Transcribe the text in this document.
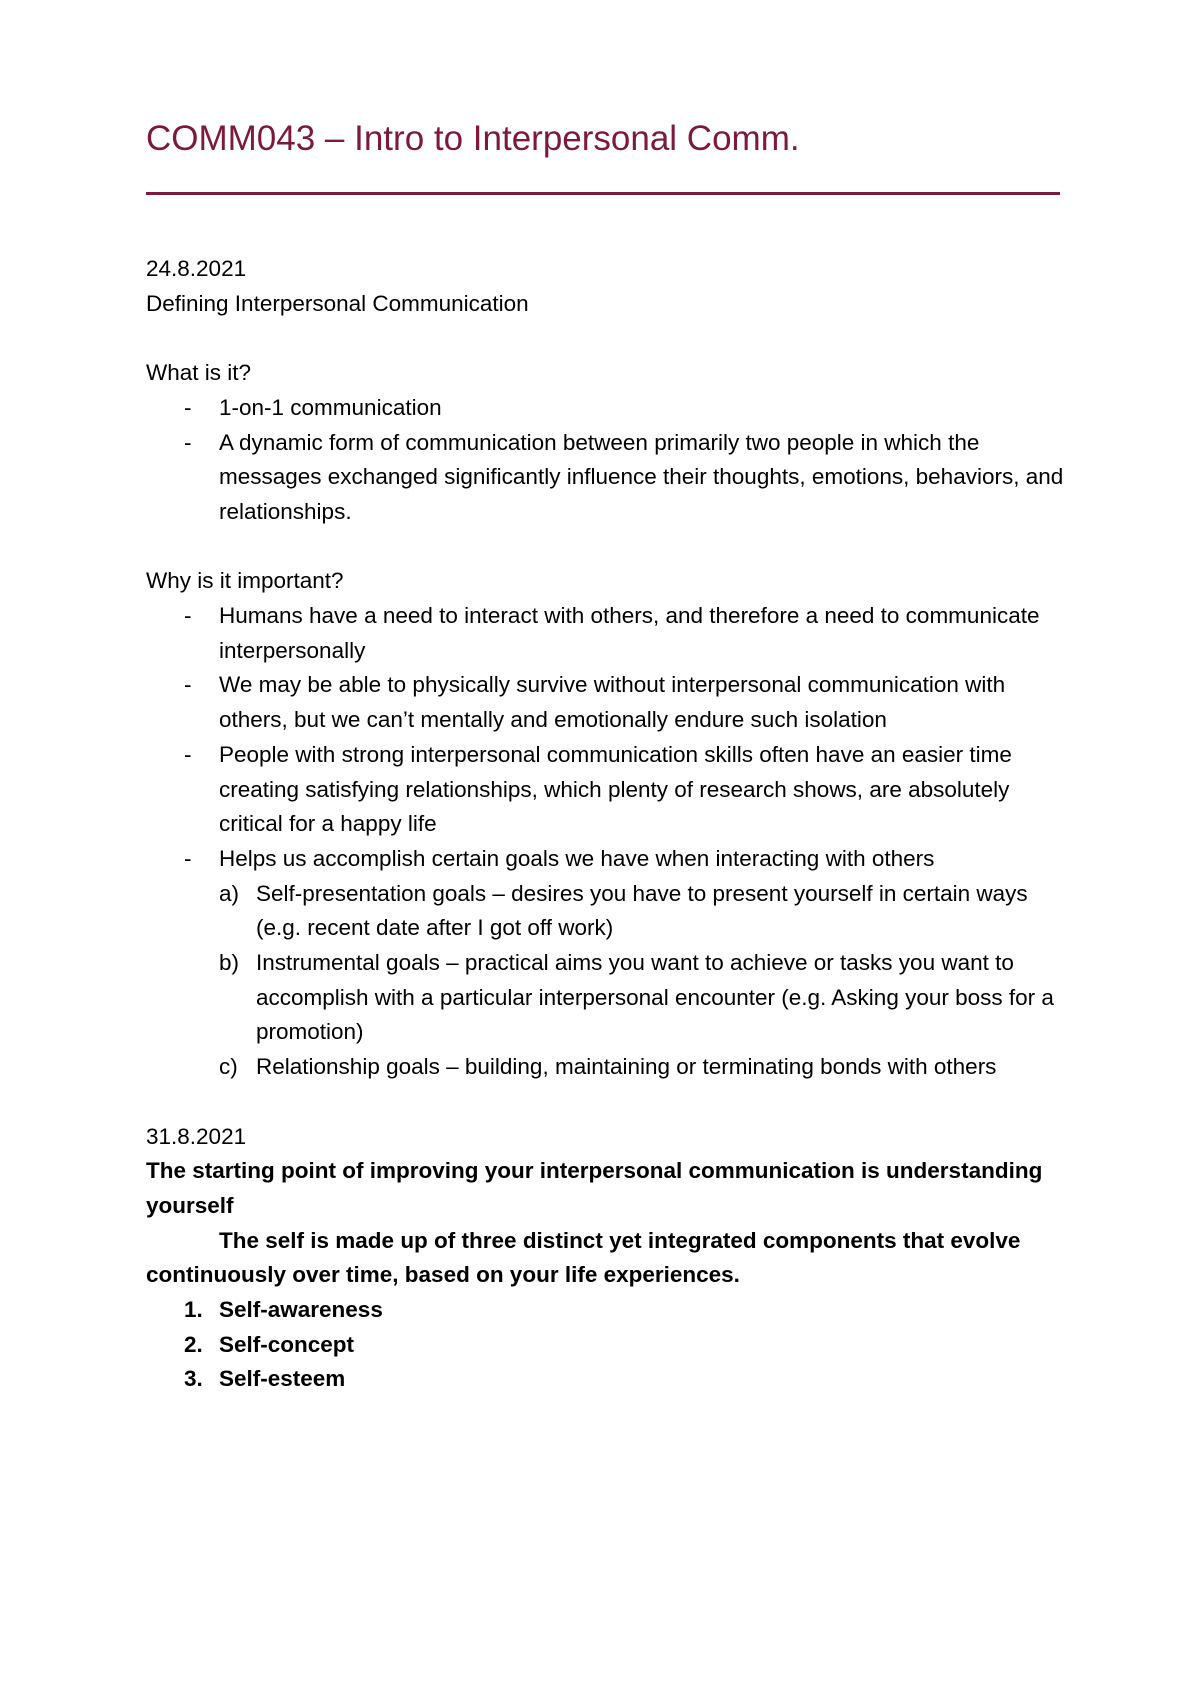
COMM043 – Intro to Interpersonal Comm.
24.8.2021
Defining Interpersonal Communication
What is it?
- 1-on-1 communication
- A dynamic form of communication between primarily two people in which the messages exchanged significantly influence their thoughts, emotions, behaviors, and relationships.
Why is it important?
- Humans have a need to interact with others, and therefore a need to communicate interpersonally
- We may be able to physically survive without interpersonal communication with others, but we can’t mentally and emotionally endure such isolation
- People with strong interpersonal communication skills often have an easier time creating satisfying relationships, which plenty of research shows, are absolutely critical for a happy life
- Helps us accomplish certain goals we have when interacting with others
a) Self-presentation goals – desires you have to present yourself in certain ways (e.g. recent date after I got off work)
b) Instrumental goals – practical aims you want to achieve or tasks you want to accomplish with a particular interpersonal encounter (e.g. Asking your boss for a promotion)
c) Relationship goals – building, maintaining or terminating bonds with others
31.8.2021
The starting point of improving your interpersonal communication is understanding yourself
The self is made up of three distinct yet integrated components that evolve continuously over time, based on your life experiences.
1. Self-awareness
2. Self-concept
3. Self-esteem
